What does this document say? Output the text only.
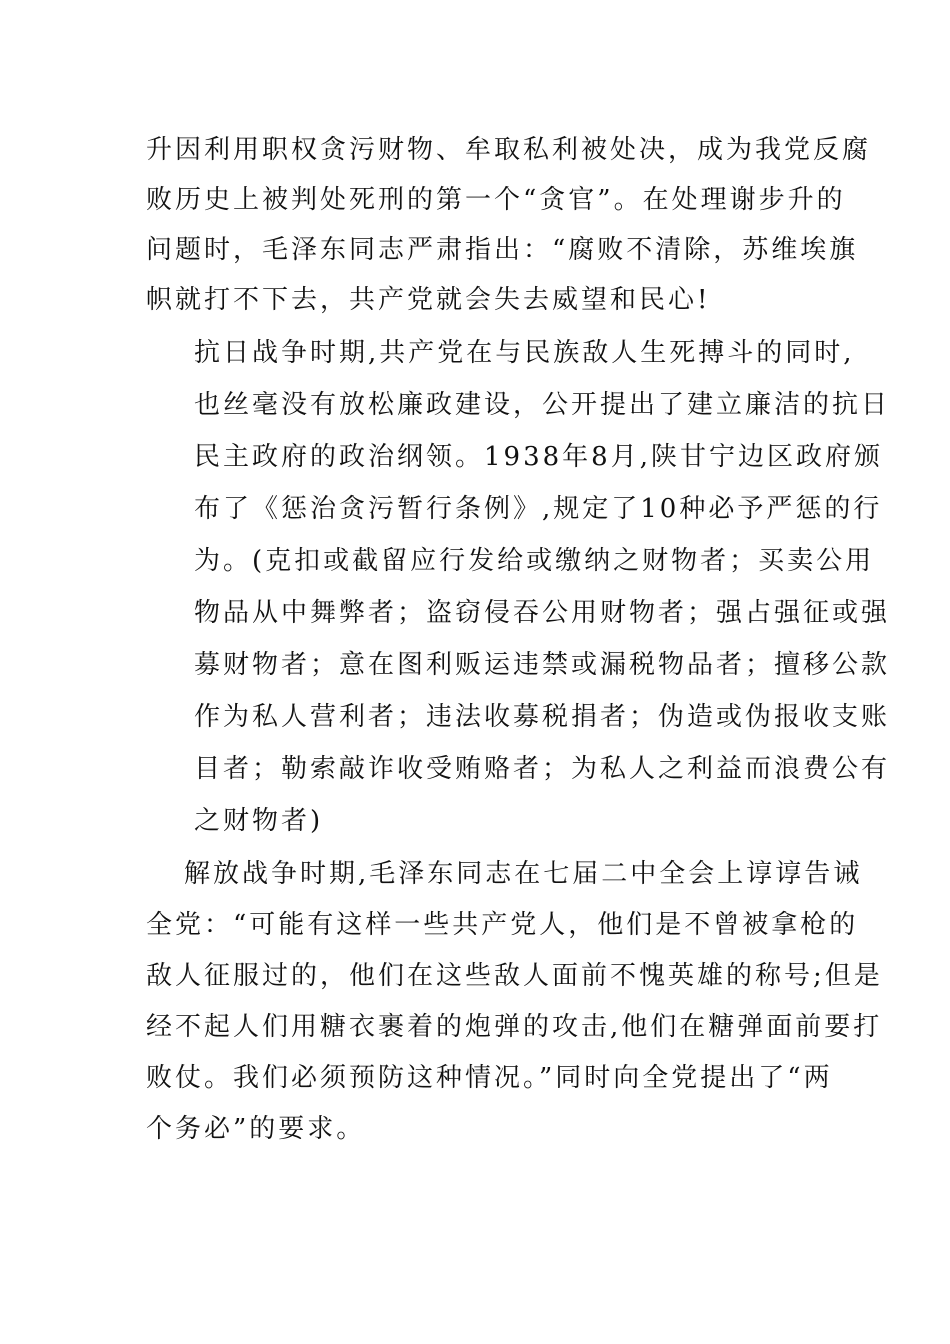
升因利用职权贪污财物、牟取私利被处决，成为我党反腐
败历史上被判处死刑的第一个“贪官”。在处理谢步升的
问题时，毛泽东同志严肃指出：“腐败不清除，苏维埃旗
帜就打不下去，共产党就会失去威望和民心!
抗日战争时期,共产党在与民族敌人生死搏斗的同时,
也丝毫没有放松廉政建设，公开提出了建立廉洁的抗日
民主政府的政治纲领。1938年8月,陕甘宁边区政府颁
布了《惩治贪污暂行条例》,规定了10种必予严惩的行
为。(克扣或截留应行发给或缴纳之财物者；买卖公用
物品从中舞弊者；盗窃侵吞公用财物者；强占强征或强
募财物者；意在图利贩运违禁或漏税物品者；擅移公款
作为私人营利者；违法收募税捐者；伪造或伪报收支账
目者；勒索敲诈收受贿赂者；为私人之利益而浪费公有
之财物者)
解放战争时期,毛泽东同志在七届二中全会上谆谆告诫
全党：“可能有这样一些共产党人，他们是不曾被拿枪的
敌人征服过的，他们在这些敌人面前不愧英雄的称号;但是
经不起人们用糖衣裹着的炮弹的攻击,他们在糖弹面前要打
败仗。我们必须预防这种情况。”同时向全党提出了“两
个务必”的要求。
